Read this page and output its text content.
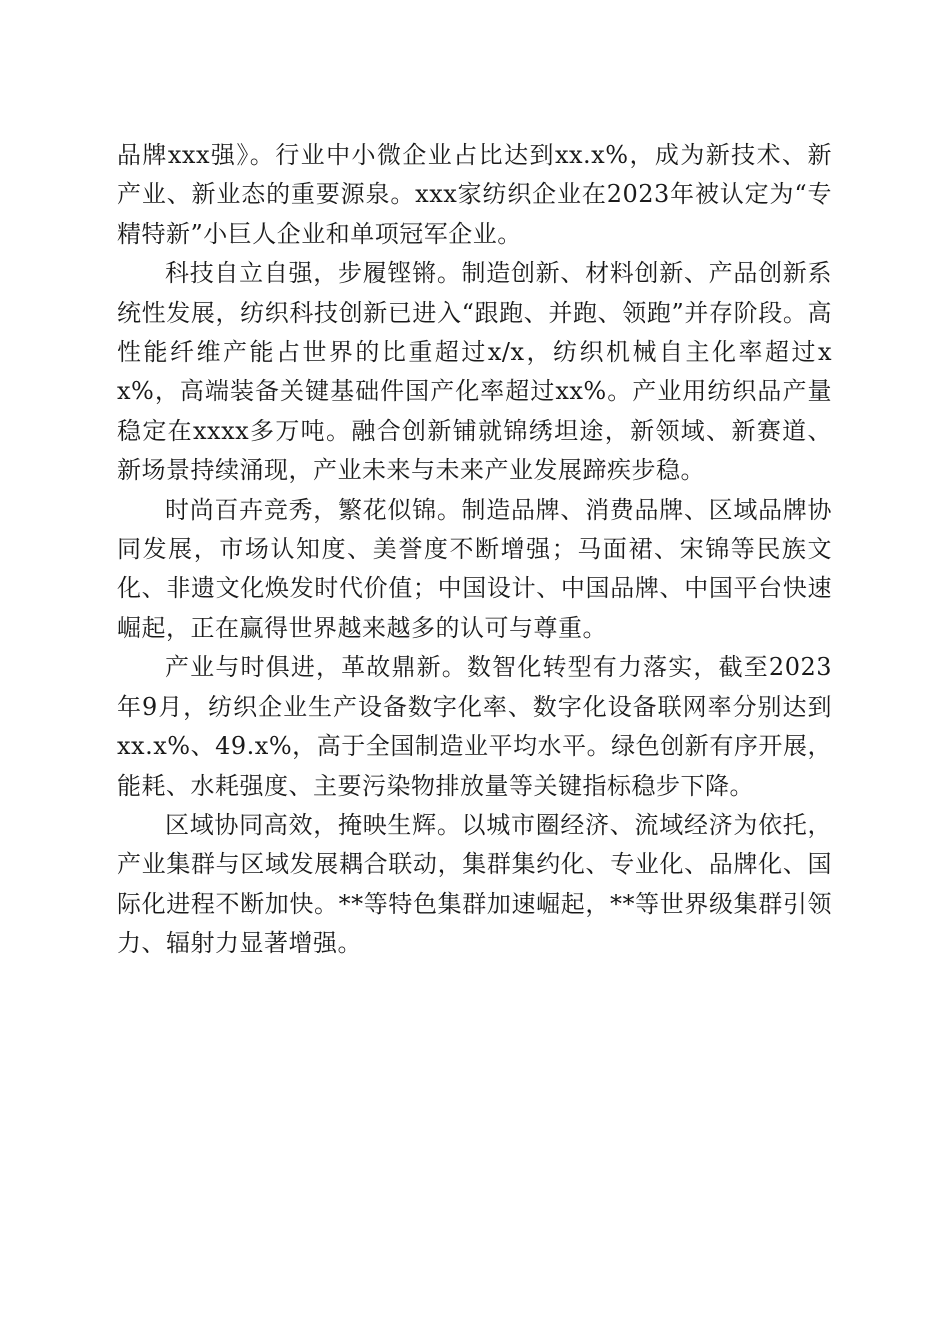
品牌xxx强》。行业中小微企业占比达到xx.x%，成为新技术、新产业、新业态的重要源泉。xxx家纺织企业在2023年被认定为“专精特新”小巨人企业和单项冠军企业。

科技自立自强，步履铿锵。制造创新、材料创新、产品创新系统性发展，纺织科技创新已进入“跟跑、并跑、领跑”并存阶段。高性能纤维产能占世界的比重超过x/x，纺织机械自主化率超过xx%，高端装备关键基础件国产化率超过xx%。产业用纺织品产量稳定在xxxx多万吨。融合创新铺就锦绣坦途，新领域、新赛道、新场景持续涌现，产业未来与未来产业发展蹄疾步稳。

时尚百卉竞秀，繁花似锦。制造品牌、消费品牌、区域品牌协同发展，市场认知度、美誉度不断增强；马面裙、宋锦等民族文化、非遗文化焕发时代价值；中国设计、中国品牌、中国平台快速崛起，正在赢得世界越来越多的认可与尊重。

产业与时俱进，革故鼎新。数智化转型有力落实，截至2023年9月，纺织企业生产设备数字化率、数字化设备联网率分别达到xx.x%、49.x%，高于全国制造业平均水平。绿色创新有序开展，能耗、水耗强度、主要污染物排放量等关键指标稳步下降。

区域协同高效，掩映生辉。以城市圈经济、流域经济为依托，产业集群与区域发展耦合联动，集群集约化、专业化、品牌化、国际化进程不断加快。**等特色集群加速崛起，**等世界级集群引领力、辐射力显著增强。
